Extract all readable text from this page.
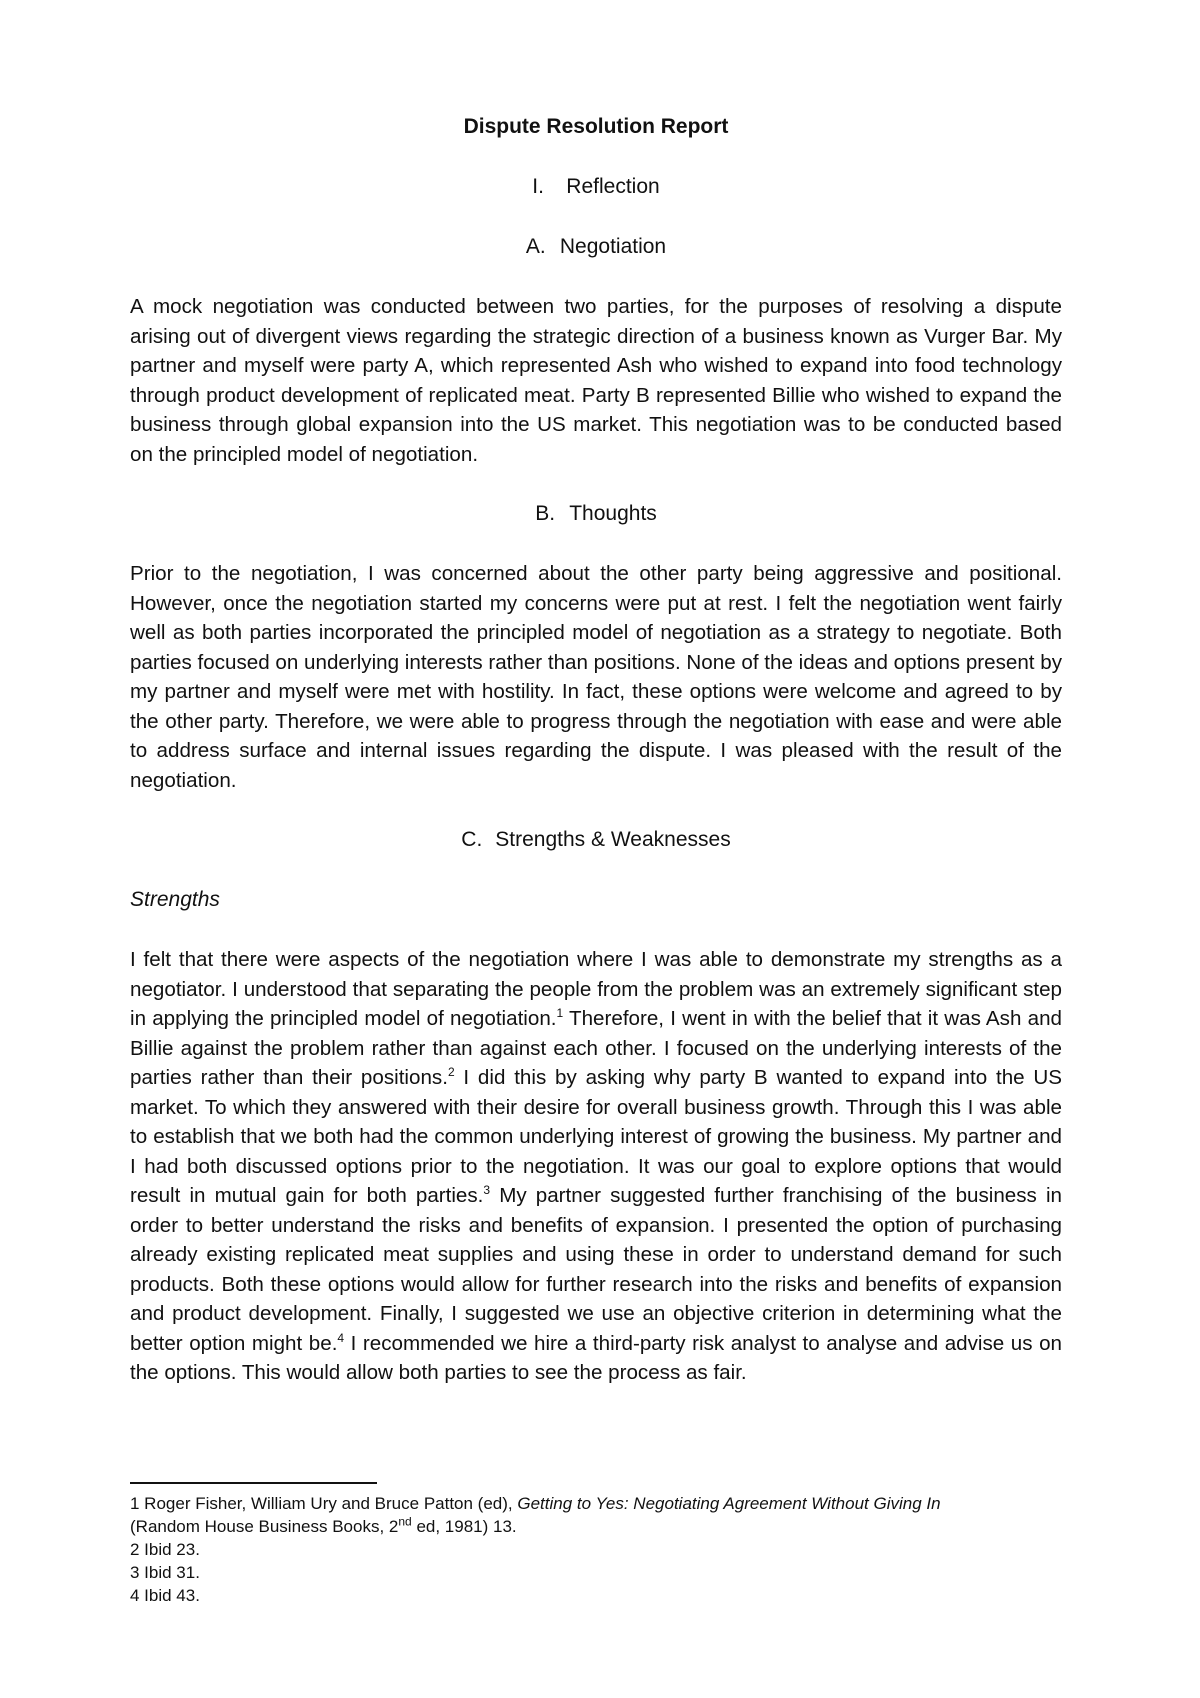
Dispute Resolution Report
I. Reflection
A. Negotiation

A mock negotiation was conducted between two parties, for the purposes of resolving a dispute arising out of divergent views regarding the strategic direction of a business known as Vurger Bar. My partner and myself were party A, which represented Ash who wished to expand into food technology through product development of replicated meat. Party B represented Billie who wished to expand the business through global expansion into the US market. This negotiation was to be conducted based on the principled model of negotiation.

B. Thoughts

Prior to the negotiation, I was concerned about the other party being aggressive and positional. However, once the negotiation started my concerns were put at rest. I felt the negotiation went fairly well as both parties incorporated the principled model of negotiation as a strategy to negotiate. Both parties focused on underlying interests rather than positions. None of the ideas and options present by my partner and myself were met with hostility. In fact, these options were welcome and agreed to by the other party. Therefore, we were able to progress through the negotiation with ease and were able to address surface and internal issues regarding the dispute. I was pleased with the result of the negotiation.

C. Strengths & Weaknesses
Strengths

I felt that there were aspects of the negotiation where I was able to demonstrate my strengths as a negotiator. I understood that separating the people from the problem was an extremely significant step in applying the principled model of negotiation.$^1$ Therefore, I went in with the belief that it was Ash and Billie against the problem rather than against each other. I focused on the underlying interests of the parties rather than their positions.$^2$ I did this by asking why party B wanted to expand into the US market. To which they answered with their desire for overall business growth. Through this I was able to establish that we both had the common underlying interest of growing the business. My partner and I had both discussed options prior to the negotiation. It was our goal to explore options that would result in mutual gain for both parties.$^3$ My partner suggested further franchising of the business in order to better understand the risks and benefits of expansion. I presented the option of purchasing already existing replicated meat supplies and using these in order to understand demand for such products. Both these options would allow for further research into the risks and benefits of expansion and product development. Finally, I suggested we use an objective criterion in determining what the better option might be.$^4$ I recommended we hire a third-party risk analyst to analyse and advise us on the options. This would allow both parties to see the process as fair.

1 Roger Fisher, William Ury and Bruce Patton (ed), Getting to Yes: Negotiating Agreement Without Giving In
(Random House Business Books, 2nd ed, 1981) 13.

2 Ibid 23.

3 Ibid 31.

4 Ibid 43.
